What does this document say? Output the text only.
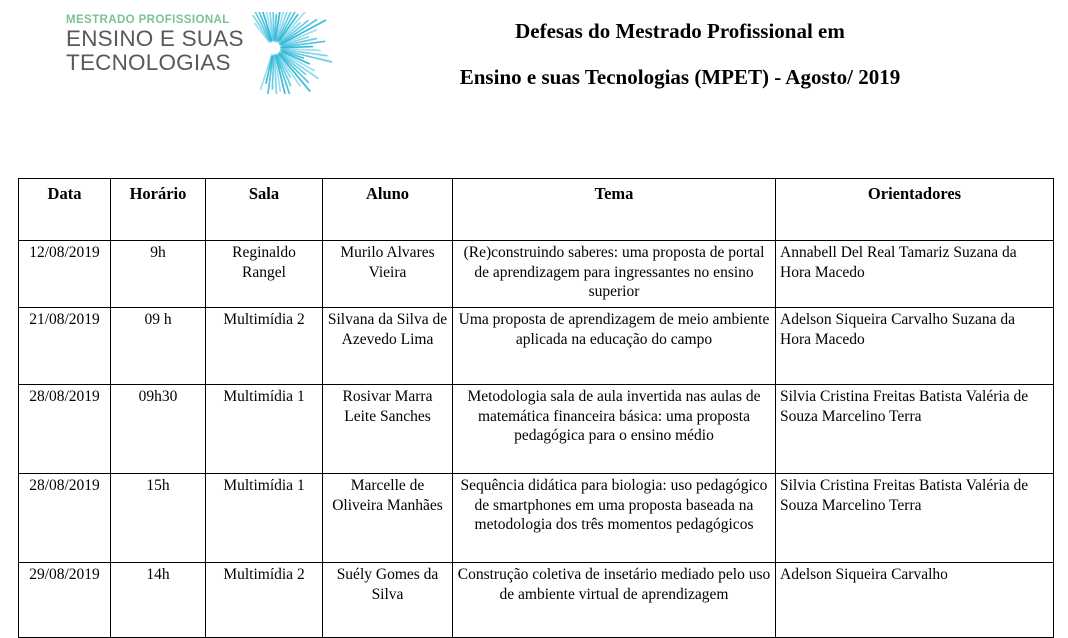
MESTRADO PROFISSIONAL
ENSINO E SUAS
TECNOLOGIAS
Defesas do Mestrado Profissional em
Ensino e suas Tecnologias (MPET) - Agosto/ 2019
Data	Horário	Sala	Aluno	Tema	Orientadores
12/08/2019	9h	Reginaldo Rangel	Murilo Alvares Vieira	(Re)construindo saberes: uma proposta de portal de aprendizagem para ingressantes no ensino superior	Annabell Del Real Tamariz Suzana da Hora Macedo
21/08/2019	09 h	Multimídia 2	Silvana da Silva de Azevedo Lima	Uma proposta de aprendizagem de meio ambiente aplicada na educação do campo	Adelson Siqueira Carvalho Suzana da Hora Macedo
28/08/2019	09h30	Multimídia 1	Rosivar Marra Leite Sanches	Metodologia sala de aula invertida nas aulas de matemática financeira básica: uma proposta pedagógica para o ensino médio	Silvia Cristina Freitas Batista Valéria de Souza Marcelino Terra
28/08/2019	15h	Multimídia 1	Marcelle de Oliveira Manhães	Sequência didática para biologia: uso pedagógico de smartphones em uma proposta baseada na metodologia dos três momentos pedagógicos	Silvia Cristina Freitas Batista Valéria de Souza Marcelino Terra
29/08/2019	14h	Multimídia 2	Suély Gomes da Silva	Construção coletiva de insetário mediado pelo uso de ambiente virtual de aprendizagem	Adelson Siqueira Carvalho
